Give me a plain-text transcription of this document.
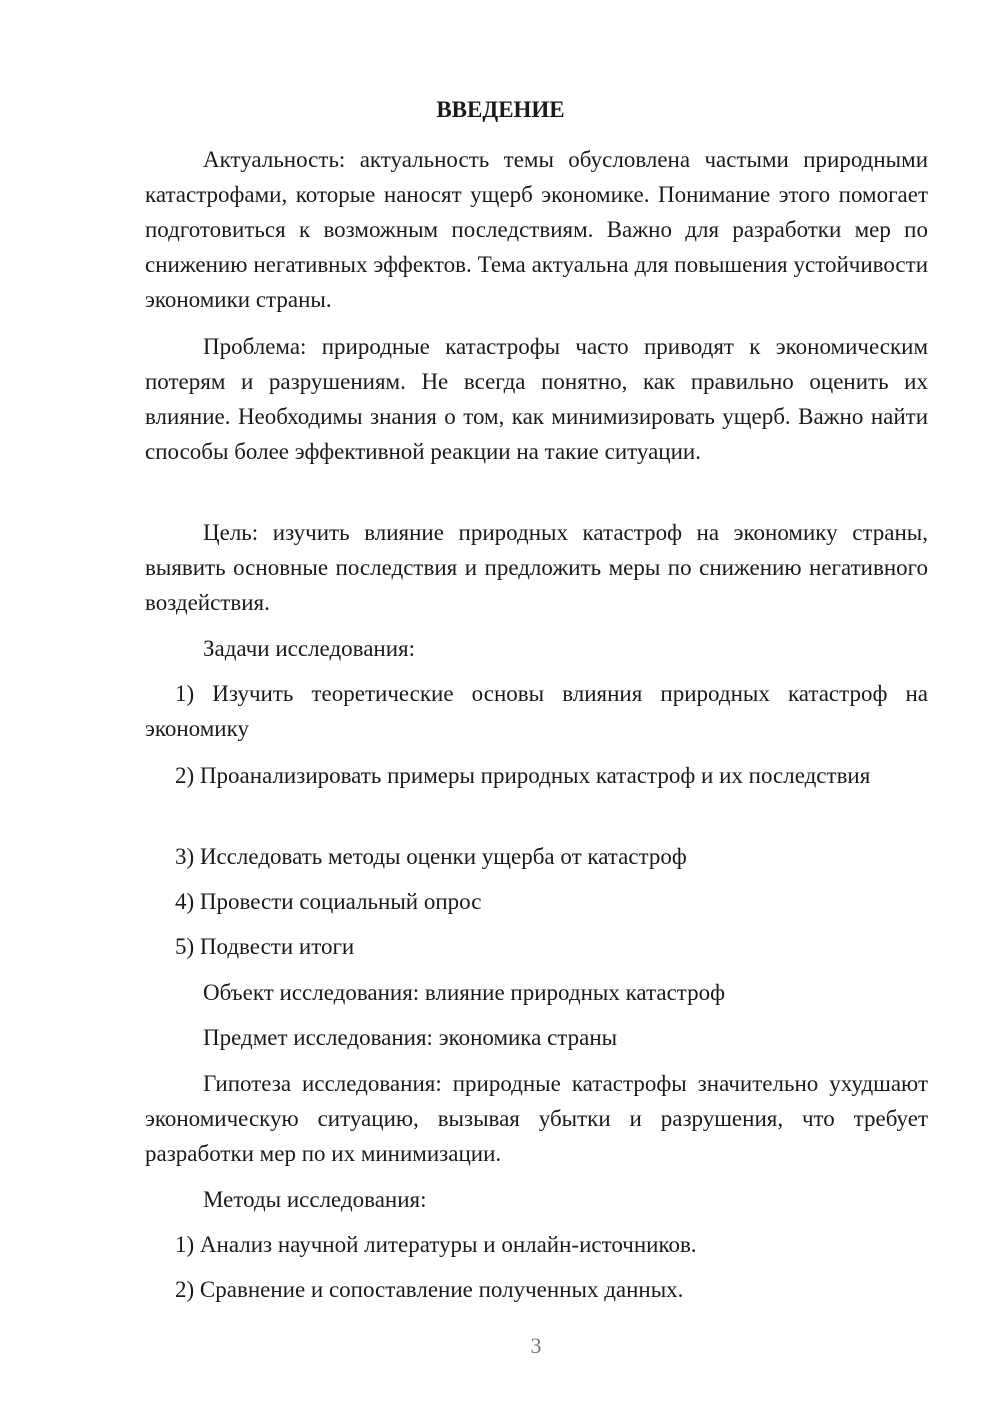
ВВЕДЕНИЕ

Актуальность: актуальность темы обусловлена частыми природными катастрофами, которые наносят ущерб экономике. Понимание этого помогает подготовиться к возможным последствиям. Важно для разработки мер по снижению негативных эффектов. Тема актуальна для повышения устойчивости экономики страны.

Проблема: природные катастрофы часто приводят к экономическим потерям и разрушениям. Не всегда понятно, как правильно оценить их влияние. Необходимы знания о том, как минимизировать ущерб. Важно найти способы более эффективной реакции на такие ситуации.

Цель: изучить влияние природных катастроф на экономику страны, выявить основные последствия и предложить меры по снижению негативного воздействия.

Задачи исследования:

1) Изучить теоретические основы влияния природных катастроф на экономику

2) Проанализировать примеры природных катастроф и их последствия

3) Исследовать методы оценки ущерба от катастроф

4) Провести социальный опрос

5) Подвести итоги

Объект исследования: влияние природных катастроф

Предмет исследования: экономика страны

Гипотеза исследования: природные катастрофы значительно ухудшают экономическую ситуацию, вызывая убытки и разрушения, что требует разработки мер по их минимизации.

Методы исследования:

1) Анализ научной литературы и онлайн-источников.

2) Сравнение и сопоставление полученных данных.

3
